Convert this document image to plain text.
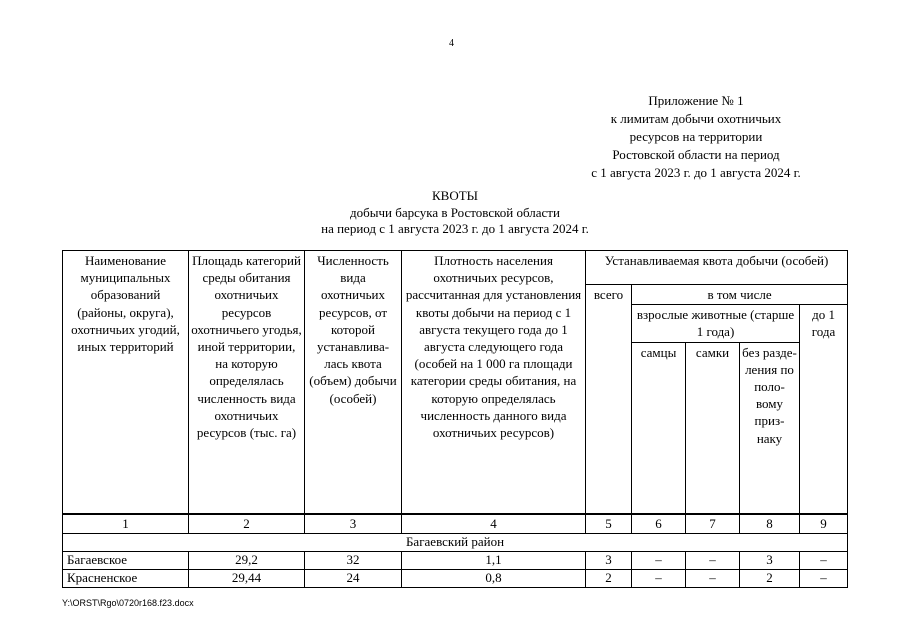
4
Приложение № 1
к лимитам добычи охотничьих
ресурсов на территории
Ростовской области на период
с 1 августа 2023 г. до 1 августа 2024 г.
КВОТЫ
добычи барсука в Ростовской области
на период с 1 августа 2023 г. до 1 августа 2024 г.
Наименование муниципальных образований (районы, округа), охотничьих угодий, иных территорий	Площадь категорий среды обитания охотничьих ресурсов охотничьего угодья, иной территории, на которую определялась численность вида охотничьих ресурсов (тыс. га)	Численность вида охотничьих ресурсов, от которой устанавлива-лась квота (объем) добычи (особей)	Плотность населения охотничьих ресурсов, рассчитанная для установления квоты добычи на период с 1 августа текущего года до 1 августа следующего года (особей на 1 000 га площади категории среды обитания, на которую определялась численность данного вида охотничьих ресурсов)	Устанавливаемая квота добычи (особей)				
				всего	в том числе			
					взрослые животные (старше 1 года)			до 1 года
					самцы	самки	без разде-ления по поло-вому приз-наку	
1	2	3	4	5	6	7	8	9
Багаевский район								
Багаевское	29,2	32	1,1	3	–	–	3	–
Красненское	29,44	24	0,8	2	–	–	2	–
Y:\ORST\Rgo\0720r168.f23.docx
